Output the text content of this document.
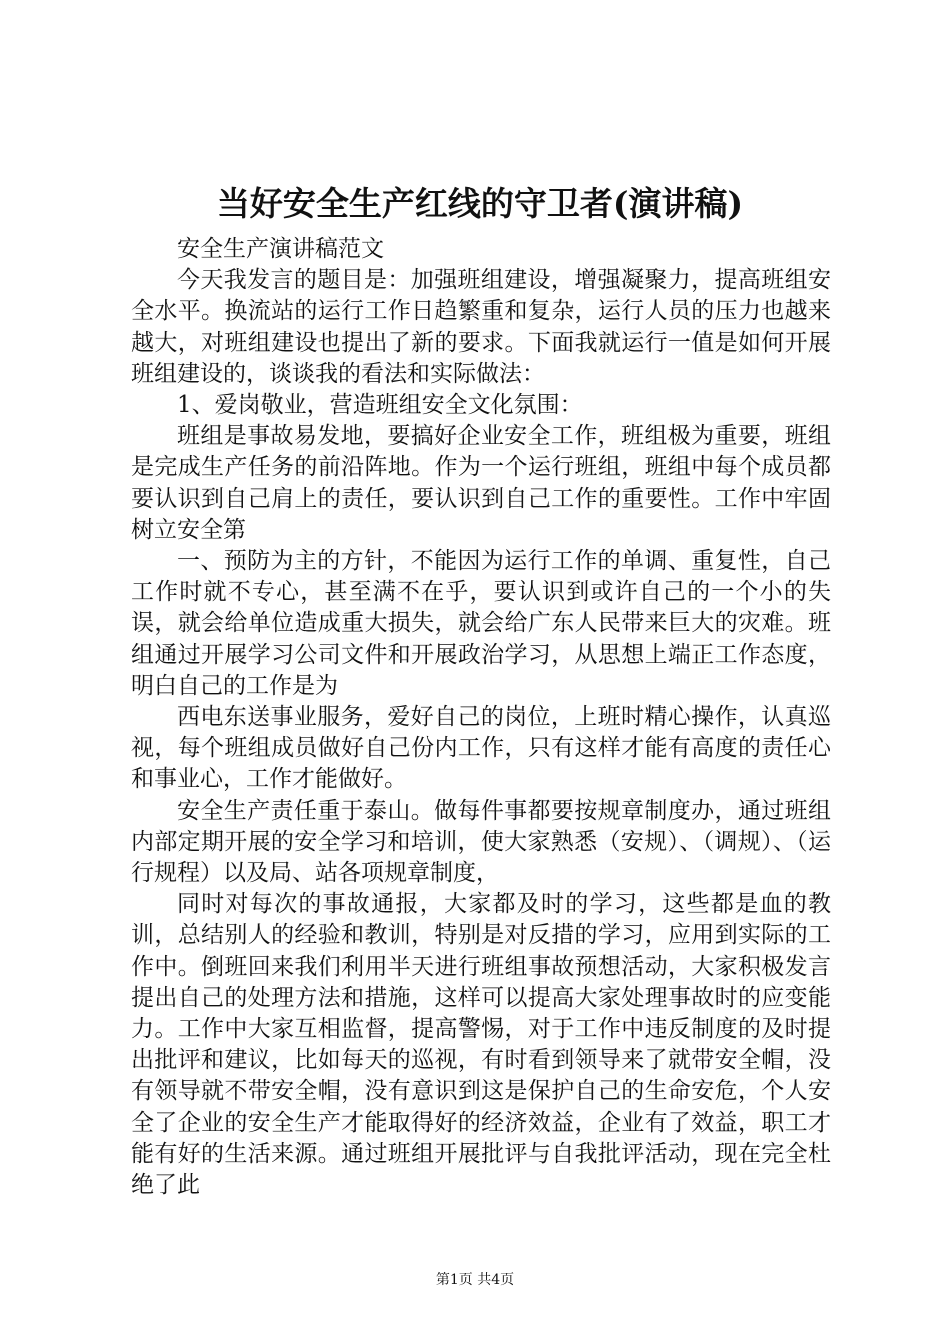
当好安全生产红线的守卫者(演讲稿)

安全生产演讲稿范文

今天我发言的题目是：加强班组建设，增强凝聚力，提高班组安全水平。换流站的运行工作日趋繁重和复杂，运行人员的压力也越来越大，对班组建设也提出了新的要求。下面我就运行一值是如何开展班组建设的，谈谈我的看法和实际做法：

1、爱岗敬业，营造班组安全文化氛围：

班组是事故易发地，要搞好企业安全工作，班组极为重要，班组是完成生产任务的前沿阵地。作为一个运行班组，班组中每个成员都要认识到自己肩上的责任，要认识到自己工作的重要性。工作中牢固树立安全第

一、预防为主的方针，不能因为运行工作的单调、重复性，自己工作时就不专心，甚至满不在乎，要认识到或许自己的一个小的失误，就会给单位造成重大损失，就会给广东人民带来巨大的灾难。班组通过开展学习公司文件和开展政治学习，从思想上端正工作态度，明白自己的工作是为

西电东送事业服务，爱好自己的岗位，上班时精心操作，认真巡视，每个班组成员做好自己份内工作，只有这样才能有高度的责任心和事业心，工作才能做好。

安全生产责任重于泰山。做每件事都要按规章制度办，通过班组内部定期开展的安全学习和培训，使大家熟悉（安规）、（调规）、（运行规程）以及局、站各项规章制度，

同时对每次的事故通报，大家都及时的学习，这些都是血的教训，总结别人的经验和教训，特别是对反措的学习，应用到实际的工作中。倒班回来我们利用半天进行班组事故预想活动，大家积极发言提出自己的处理方法和措施，这样可以提高大家处理事故时的应变能力。工作中大家互相监督，提高警惕，对于工作中违反制度的及时提出批评和建议，比如每天的巡视，有时看到领导来了就带安全帽，没有领导就不带安全帽，没有意识到这是保护自己的生命安危，个人安全了企业的安全生产才能取得好的经济效益，企业有了效益，职工才能有好的生活来源。通过班组开展批评与自我批评活动，现在完全杜绝了此

第1页 共4页
